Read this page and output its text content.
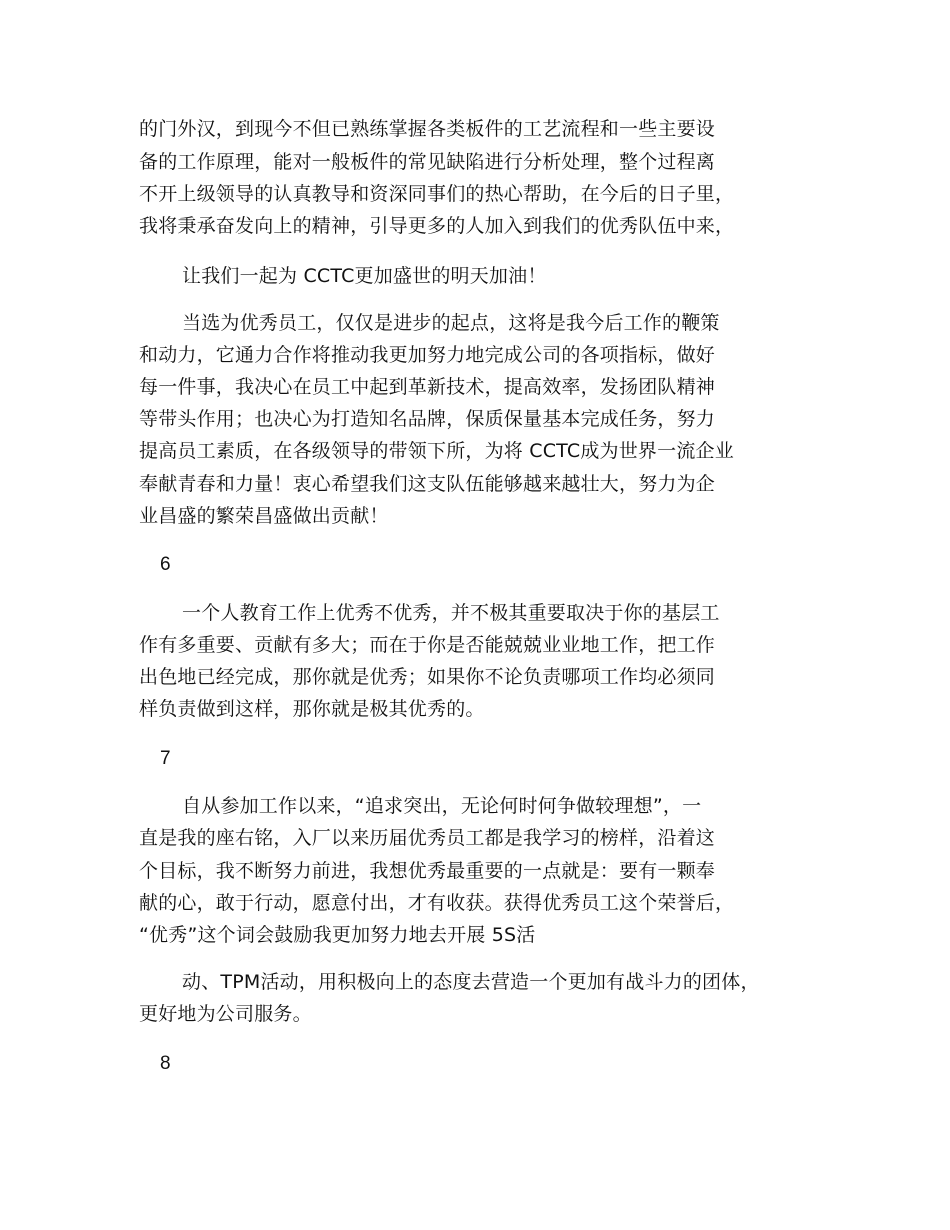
的门外汉，到现今不但已熟练掌握各类板件的工艺流程和一些主要设
备的工作原理，能对一般板件的常见缺陷进行分析处理，整个过程离
不开上级领导的认真教导和资深同事们的热心帮助，在今后的日子里，
我将秉承奋发向上的精神，引导更多的人加入到我们的优秀队伍中来，
让我们一起为 CCTC更加盛世的明天加油！
当选为优秀员工，仅仅是进步的起点，这将是我今后工作的鞭策
和动力，它通力合作将推动我更加努力地完成公司的各项指标，做好
每一件事，我决心在员工中起到革新技术，提高效率，发扬团队精神
等带头作用；也决心为打造知名品牌，保质保量基本完成任务，努力
提高员工素质，在各级领导的带领下所，为将 CCTC成为世界一流企业
奉献青春和力量！衷心希望我们这支队伍能够越来越壮大，努力为企
业昌盛的繁荣昌盛做出贡献！
6
一个人教育工作上优秀不优秀，并不极其重要取决于你的基层工
作有多重要、贡献有多大；而在于你是否能兢兢业业地工作，把工作
出色地已经完成，那你就是优秀；如果你不论负责哪项工作均必须同
样负责做到这样，那你就是极其优秀的。
7
自从参加工作以来，“追求突出，无论何时何争做较理想”，一
直是我的座右铭，入厂以来历届优秀员工都是我学习的榜样，沿着这
个目标，我不断努力前进，我想优秀最重要的一点就是：要有一颗奉
献的心，敢于行动，愿意付出，才有收获。获得优秀员工这个荣誉后，
“优秀”这个词会鼓励我更加努力地去开展 5S活
动、TPM活动，用积极向上的态度去营造一个更加有战斗力的团体，
更好地为公司服务。
8
